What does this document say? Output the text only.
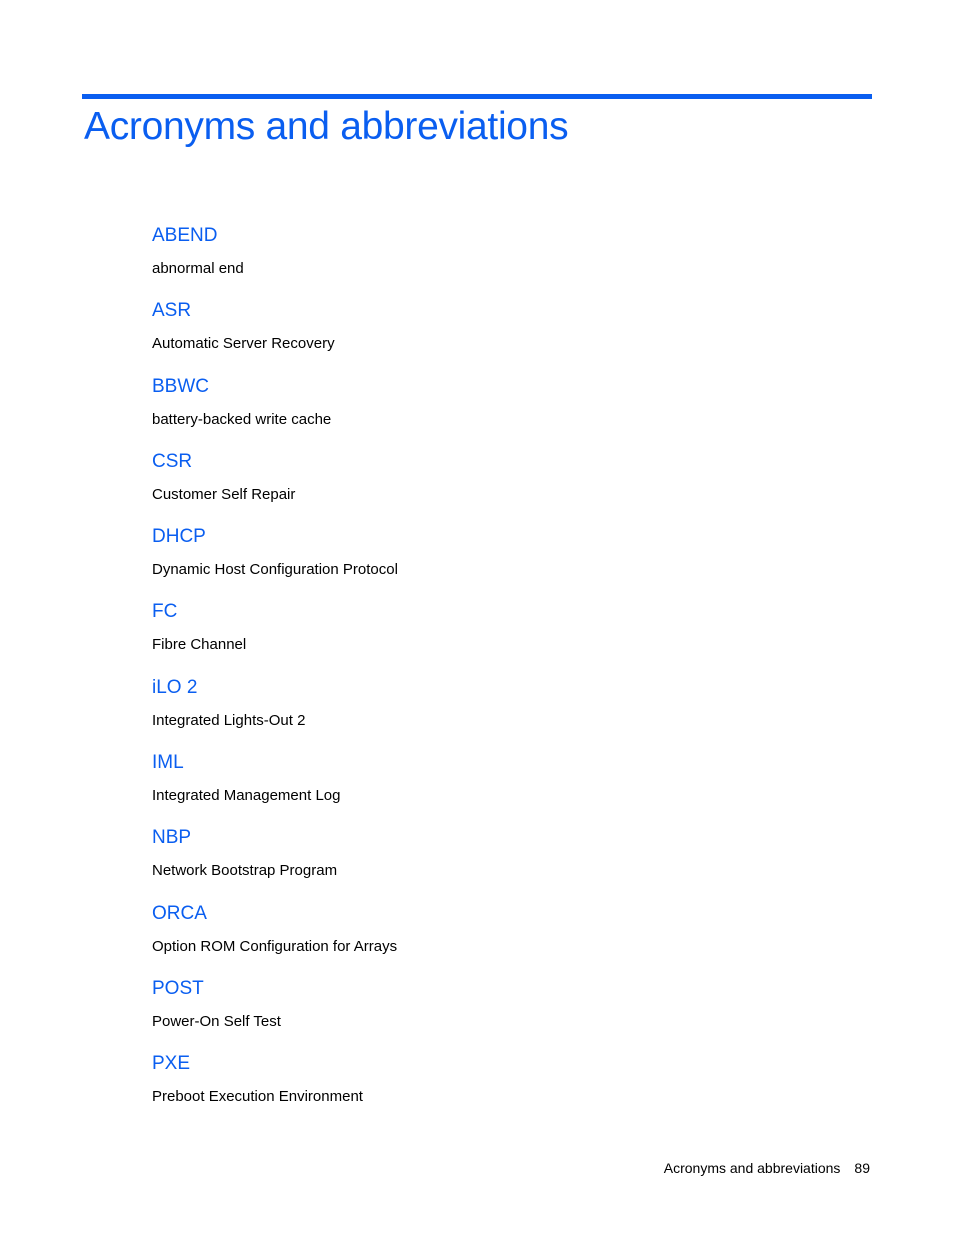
Acronyms and abbreviations
ABEND
abnormal end
ASR
Automatic Server Recovery
BBWC
battery-backed write cache
CSR
Customer Self Repair
DHCP
Dynamic Host Configuration Protocol
FC
Fibre Channel
iLO 2
Integrated Lights-Out 2
IML
Integrated Management Log
NBP
Network Bootstrap Program
ORCA
Option ROM Configuration for Arrays
POST
Power-On Self Test
PXE
Preboot Execution Environment
Acronyms and abbreviations 89
